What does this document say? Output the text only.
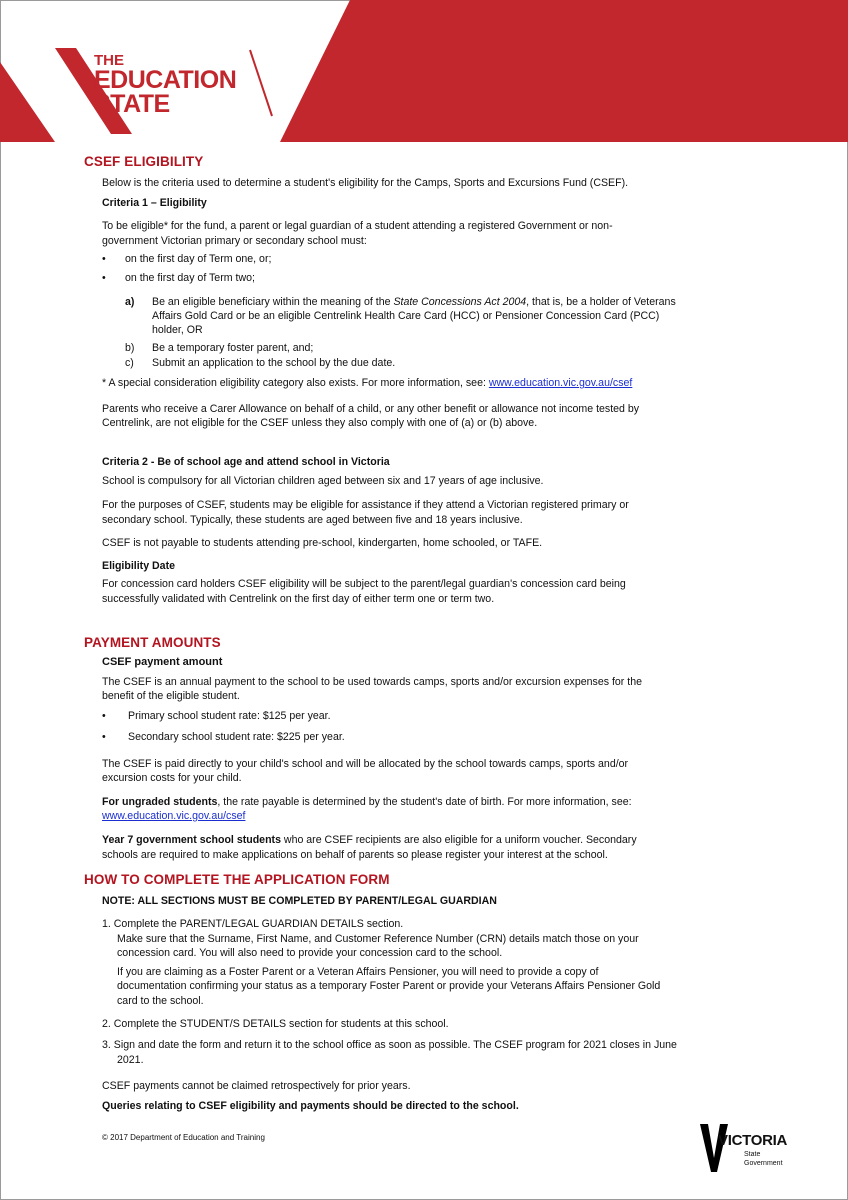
THE
EDUCATION
STATE
CSEF ELIGIBILITY
Below is the criteria used to determine a student's eligibility for the Camps, Sports and Excursions Fund (CSEF).
Criteria 1 – Eligibility
To be eligible* for the fund, a parent or legal guardian of a student attending a registered Government or non-
government Victorian primary or secondary school must:
• on the first day of Term one, or;
• on the first day of Term two;
a) Be an eligible beneficiary within the meaning of the State Concessions Act 2004, that is, be a holder of Veterans
Affairs Gold Card or be an eligible Centrelink Health Care Card (HCC) or Pensioner Concession Card (PCC)
holder, OR
b) Be a temporary foster parent, and;
c) Submit an application to the school by the due date.
* A special consideration eligibility category also exists. For more information, see: www.education.vic.gov.au/csef
Parents who receive a Carer Allowance on behalf of a child, or any other benefit or allowance not income tested by
Centrelink, are not eligible for the CSEF unless they also comply with one of (a) or (b) above.
Criteria 2 - Be of school age and attend school in Victoria
School is compulsory for all Victorian children aged between six and 17 years of age inclusive.
For the purposes of CSEF, students may be eligible for assistance if they attend a Victorian registered primary or
secondary school. Typically, these students are aged between five and 18 years inclusive.
CSEF is not payable to students attending pre-school, kindergarten, home schooled, or TAFE.
Eligibility Date
For concession card holders CSEF eligibility will be subject to the parent/legal guardian's concession card being
successfully validated with Centrelink on the first day of either term one or term two.
PAYMENT AMOUNTS
CSEF payment amount
The CSEF is an annual payment to the school to be used towards camps, sports and/or excursion expenses for the
benefit of the eligible student.
• Primary school student rate: $125 per year.
• Secondary school student rate: $225 per year.
The CSEF is paid directly to your child's school and will be allocated by the school towards camps, sports and/or
excursion costs for your child.
For ungraded students, the rate payable is determined by the student's date of birth. For more information, see:
www.education.vic.gov.au/csef
Year 7 government school students who are CSEF recipients are also eligible for a uniform voucher. Secondary
schools are required to make applications on behalf of parents so please register your interest at the school.
HOW TO COMPLETE THE APPLICATION FORM
NOTE: ALL SECTIONS MUST BE COMPLETED BY PARENT/LEGAL GUARDIAN
1. Complete the PARENT/LEGAL GUARDIAN DETAILS section.
Make sure that the Surname, First Name, and Customer Reference Number (CRN) details match those on your
concession card. You will also need to provide your concession card to the school.
If you are claiming as a Foster Parent or a Veteran Affairs Pensioner, you will need to provide a copy of
documentation confirming your status as a temporary Foster Parent or provide your Veterans Affairs Pensioner Gold
card to the school.
2. Complete the STUDENT/S DETAILS section for students at this school.
3. Sign and date the form and return it to the school office as soon as possible. The CSEF program for 2021 closes in June
2021.
CSEF payments cannot be claimed retrospectively for prior years.
Queries relating to CSEF eligibility and payments should be directed to the school.
© 2017 Department of Education and Training	VICTORIA
State
Government
